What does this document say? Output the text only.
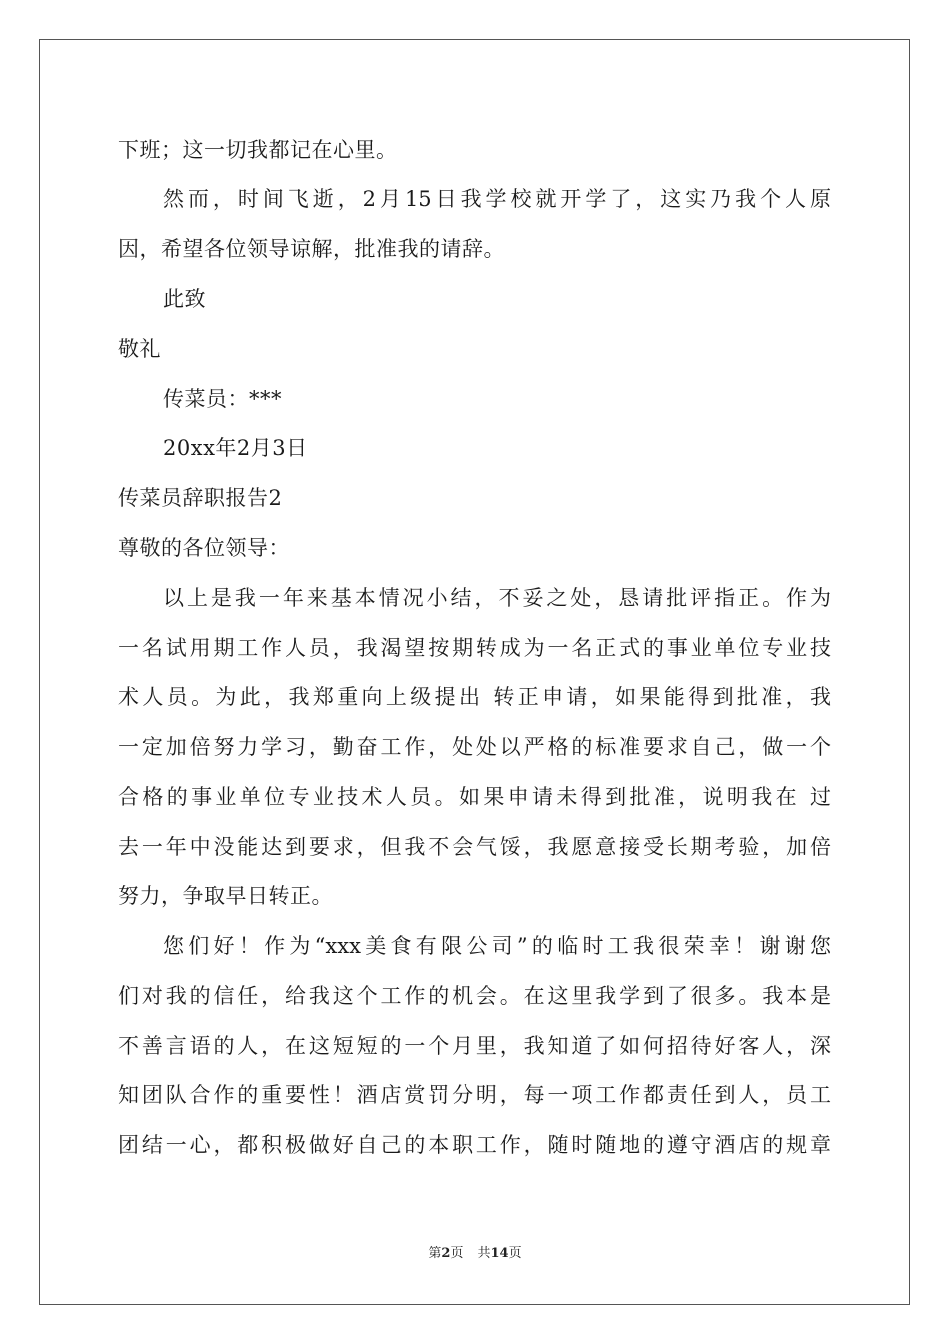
下班；这一切我都记在心里。
然而，时间飞逝，2月15日我学校就开学了，这实乃我个人原
因，希望各位领导谅解，批准我的请辞。
此致
敬礼
传菜员：***
20xx年2月3日
传菜员辞职报告2
尊敬的各位领导：
以上是我一年来基本情况小结，不妥之处，恳请批评指正。作为
一名试用期工作人员，我渴望按期转成为一名正式的事业单位专业技
术人员。为此，我郑重向上级提出 转正申请，如果能得到批准，我
一定加倍努力学习，勤奋工作，处处以严格的标准要求自己，做一个
合格的事业单位专业技术人员。如果申请未得到批准，说明我在 过
去一年中没能达到要求，但我不会气馁，我愿意接受长期考验，加倍
努力，争取早日转正。
您们好！作为“xxx美食有限公司”的临时工我很荣幸！谢谢您
们对我的信任，给我这个工作的机会。在这里我学到了很多。我本是
不善言语的人，在这短短的一个月里，我知道了如何招待好客人，深
知团队合作的重要性！酒店赏罚分明，每一项工作都责任到人，员工
团结一心，都积极做好自己的本职工作，随时随地的遵守酒店的规章
第2页 共14页
